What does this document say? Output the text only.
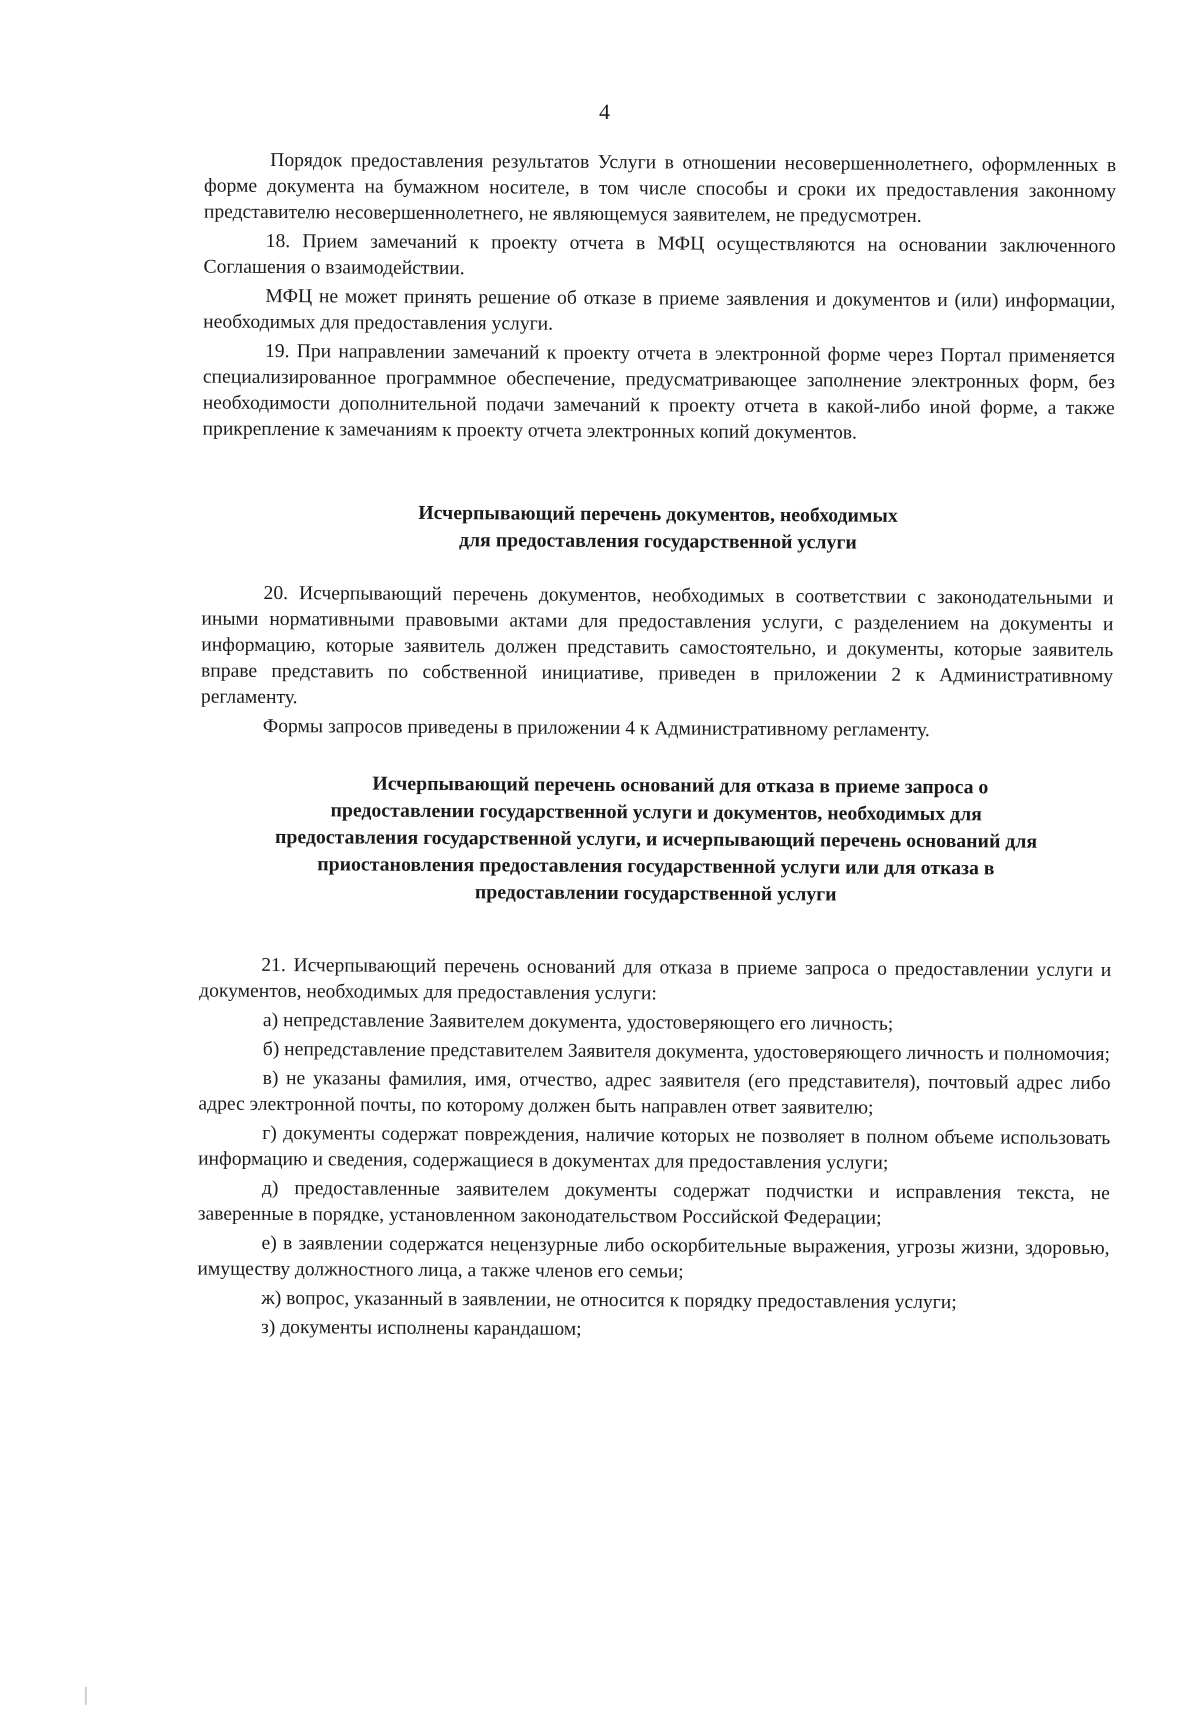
4

Порядок предоставления результатов Услуги в отношении несовершеннолетнего, оформленных в форме документа на бумажном носителе, в том числе способы и сроки их предоставления законному представителю несовершеннолетнего, не являющемуся заявителем, не предусмотрен.

18. Прием замечаний к проекту отчета в МФЦ осуществляются на основании заключенного Соглашения о взаимодействии.

МФЦ не может принять решение об отказе в приеме заявления и документов и (или) информации, необходимых для предоставления услуги.

19. При направлении замечаний к проекту отчета в электронной форме через Портал применяется специализированное программное обеспечение, предусматривающее заполнение электронных форм, без необходимости дополнительной подачи замечаний к проекту отчета в какой-либо иной форме, а также прикрепление к замечаниям к проекту отчета электронных копий документов.

Исчерпывающий перечень документов, необходимых
для предоставления государственной услуги

20. Исчерпывающий перечень документов, необходимых в соответствии с законодательными и иными нормативными правовыми актами для предоставления услуги, с разделением на документы и информацию, которые заявитель должен представить самостоятельно, и документы, которые заявитель вправе представить по собственной инициативе, приведен в приложении 2 к Административному регламенту.

Формы запросов приведены в приложении 4 к Административному регламенту.

Исчерпывающий перечень оснований для отказа в приеме запроса о
предоставлении государственной услуги и документов, необходимых для
предоставления государственной услуги, и исчерпывающий перечень оснований для
приостановления предоставления государственной услуги или для отказа в
предоставлении государственной услуги

21. Исчерпывающий перечень оснований для отказа в приеме запроса о предоставлении услуги и документов, необходимых для предоставления услуги:

а) непредставление Заявителем документа, удостоверяющего его личность;

б) непредставление представителем Заявителя документа, удостоверяющего личность и полномочия;

в) не указаны фамилия, имя, отчество, адрес заявителя (его представителя), почтовый адрес либо адрес электронной почты, по которому должен быть направлен ответ заявителю;

г) документы содержат повреждения, наличие которых не позволяет в полном объеме использовать информацию и сведения, содержащиеся в документах для предоставления услуги;

д) предоставленные заявителем документы содержат подчистки и исправления текста, не заверенные в порядке, установленном законодательством Российской Федерации;

е) в заявлении содержатся нецензурные либо оскорбительные выражения, угрозы жизни, здоровью, имуществу должностного лица, а также членов его семьи;

ж) вопрос, указанный в заявлении, не относится к порядку предоставления услуги;

з) документы исполнены карандашом;
